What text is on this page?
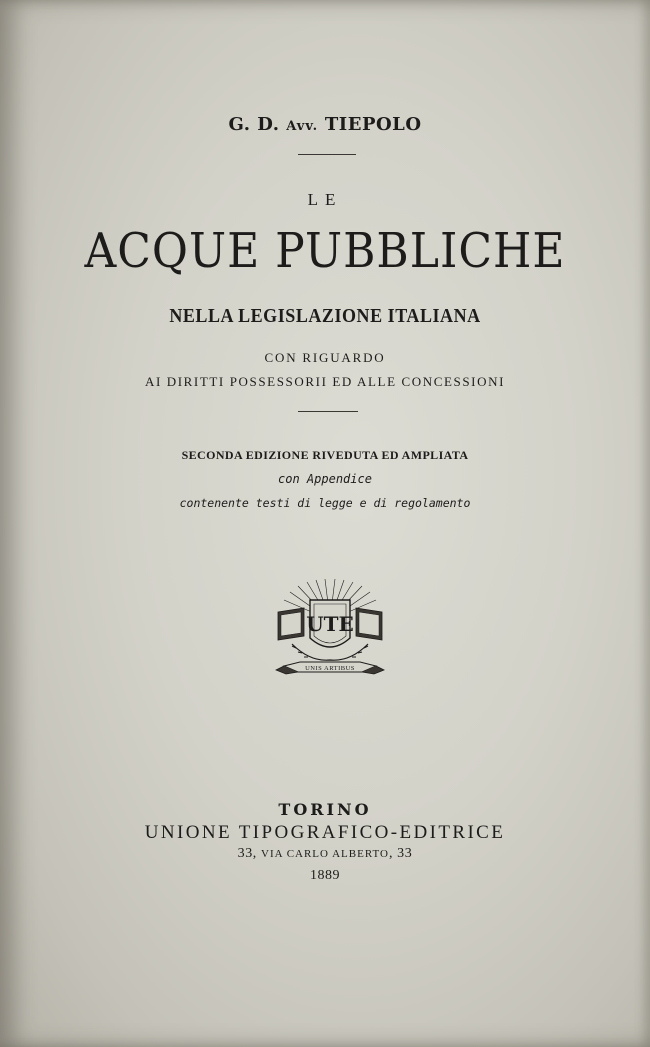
G. D. Avv. TIEPOLO
LE
ACQUE PUBBLICHE
NELLA LEGISLAZIONE ITALIANA
CON RIGUARDO
AI DIRITTI POSSESSORII ED ALLE CONCESSIONI
SECONDA EDIZIONE RIVEDUTA ED AMPLIATA
con Appendice
contenente testi di legge e di regolamento
UTE
UNIS ARTIBUS
TORINO
UNIONE TIPOGRAFICO-EDITRICE
33, VIA CARLO ALBERTO, 33
1889
